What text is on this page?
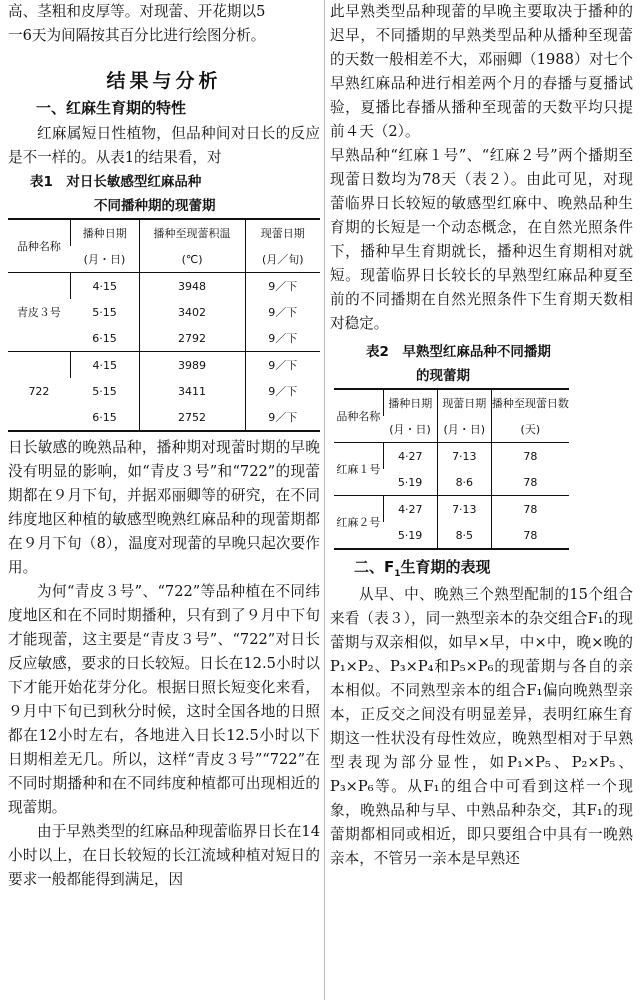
高、茎粗和皮厚等。对现蕾、开花期以5

一6天为间隔按其百分比进行绘图分析。

结果与分析
一、红麻生育期的特性

红麻属短日性植物，但品种间对日长的反应是不一样的。从表1的结果看，对

表1　对日长敏感型红麻品种

不同播种期的现蕾期

品种名称	播种日期	播种至现蕾积温	现蕾日期
	(月・日)	(℃)	(月／旬)
青皮３号	4·15	3948	9／下
	5·15	3402	9／下
	6·15	2792	9／下
722	4·15	3989	9／下
	5·15	3411	9／下
	6·15	2752	9／下

日长敏感的晚熟品种，播种期对现蕾时期的早晚没有明显的影响，如“青皮３号”和“722”的现蕾期都在９月下旬，并据邓丽卿等的研究，在不同纬度地区种植的敏感型晚熟红麻品种的现蕾期都在９月下旬（8），温度对现蕾的早晚只起次要作用。

为何“青皮３号”、“722”等品种植在不同纬度地区和在不同时期播种，只有到了９月中下旬才能现蕾，这主要是“青皮３号”、“722”对日长反应敏感，要求的日长较短。日长在12.5小时以下才能开始花芽分化。根据日照长短变化来看，９月中下旬已到秋分时候，这时全国各地的日照都在12小时左右，各地进入日长12.5小时以下日期相差无几。所以，这样“青皮３号”“722”在不同时期播种和在不同纬度种植都可出现相近的现蕾期。

由于早熟类型的红麻品种现蕾临界日长在14小时以上，在日长较短的长江流域种植对短日的要求一般都能得到满足，因

此早熟类型品种现蕾的早晚主要取决于播种的迟早，不同播期的早熟类型品种从播种至现蕾的天数一般相差不大，邓丽卿（1988）对七个早熟红麻品种进行相差两个月的春播与夏播试验，夏播比春播从播种至现蕾的天数平均只提前４天（2）。

早熟品种“红麻１号”、“红麻２号”两个播期至现蕾日数均为78天（表２）。由此可见，对现蕾临界日长较短的敏感型红麻中、晚熟品种生育期的长短是一个动态概念，在自然光照条件下，播种早生育期就长，播种迟生育期相对就短。现蕾临界日长较长的早熟型红麻品种夏至前的不同播期在自然光照条件下生育期天数相对稳定。

表2　早熟型红麻品种不同播期

的现蕾期

品种名称	播种日期	现蕾日期	播种至现蕾日数
	(月・日)	(月・日)	(天)
红麻１号	4·27	7·13	78
	5·19	8·6	78
红麻２号	4·27	7·13	78
	5·19	8·5	78
二、$F_1$生育期的表现

从早、中、晚熟三个熟型配制的15个组合来看（表３），同一熟型亲本的杂交组合F₁的现蕾期与双亲相似，如早×早，中×中，晚×晚的P₁×P₂、P₃×P₄和P₅×P₆的现蕾期与各自的亲本相似。不同熟型亲本的组合F₁偏向晚熟型亲本，正反交之间没有明显差异，表明红麻生育期这一性状没有母性效应，晚熟型相对于早熟型表现为部分显性，如P₁×P₅、P₂×P₅、P₃×P₆等。从F₁的组合中可看到这样一个现象，晚熟品种与早、中熟品种杂交，其F₁的现蕾期都相同或相近，即只要组合中具有一晚熟亲本，不管另一亲本是早熟还
